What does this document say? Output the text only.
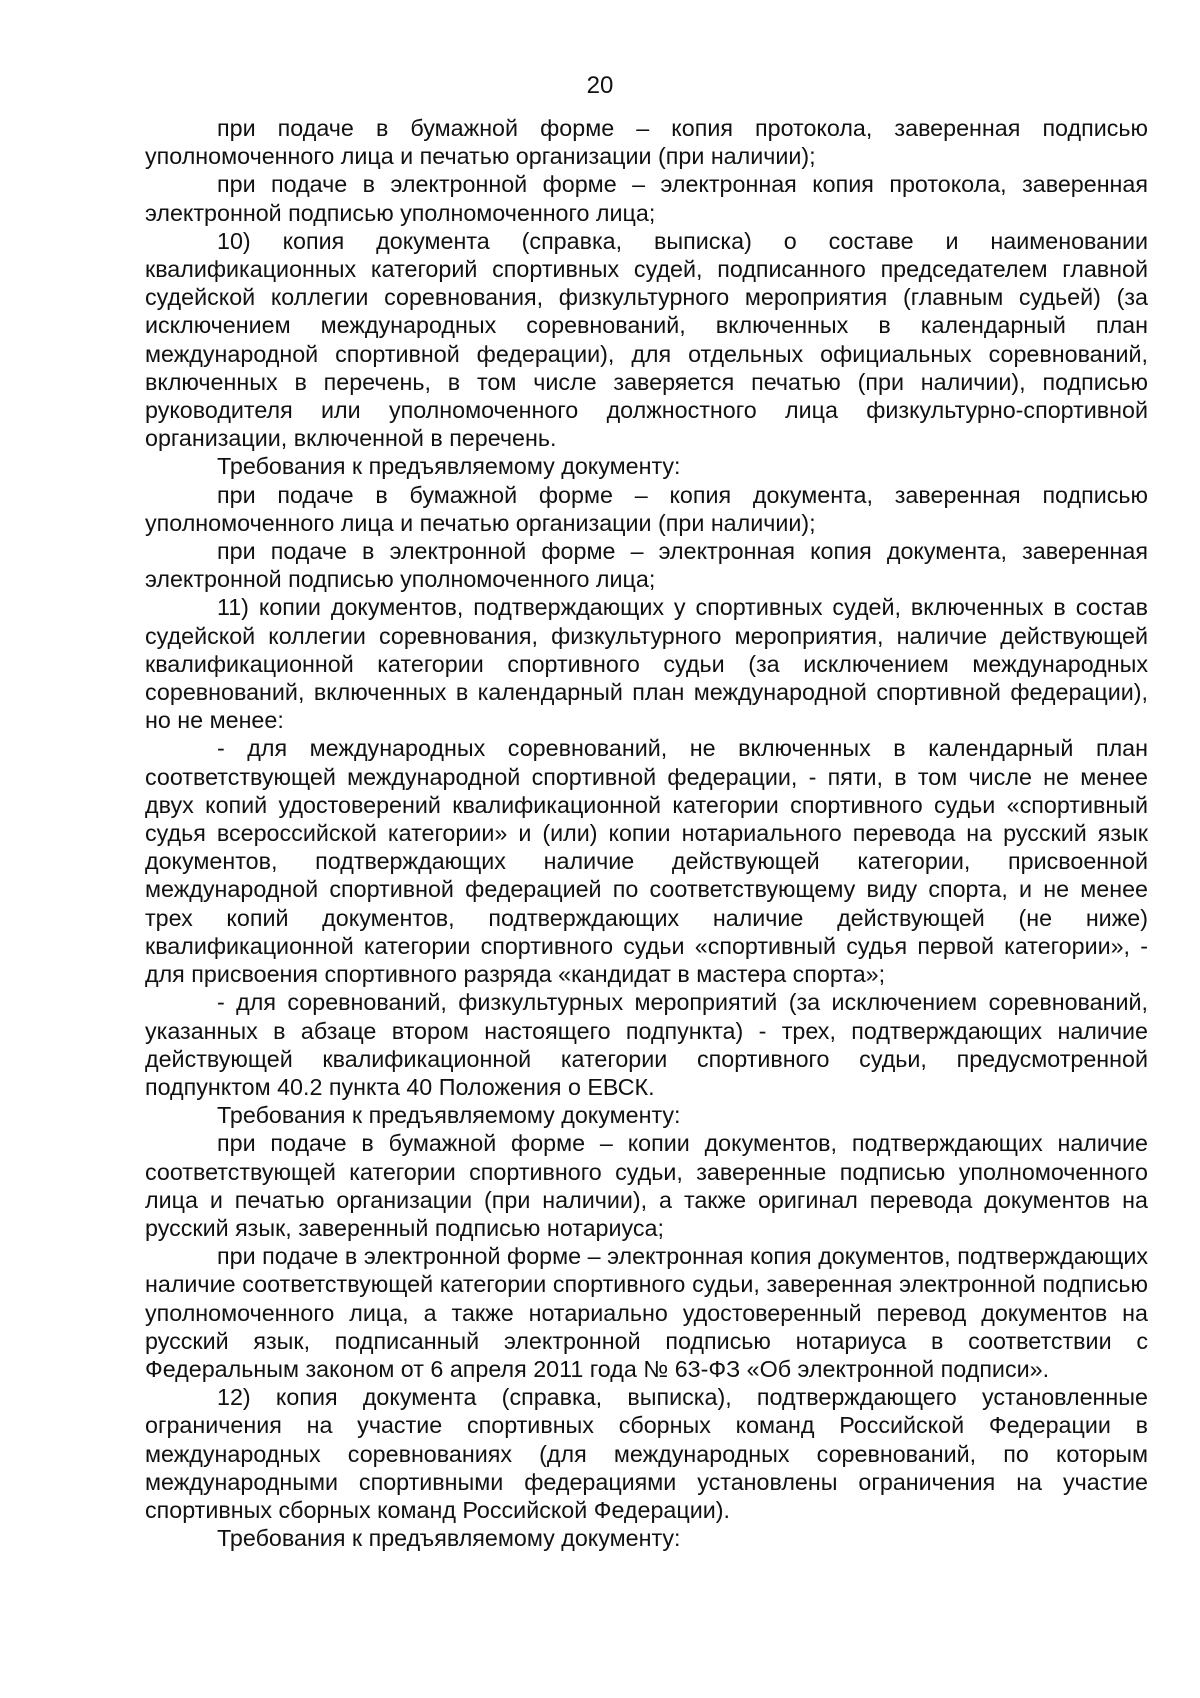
20

при подаче в бумажной форме – копия протокола, заверенная подписью уполномоченного лица и печатью организации (при наличии);

при подаче в электронной форме – электронная копия протокола, заверенная электронной подписью уполномоченного лица;

10) копия документа (справка, выписка) о составе и наименовании квалификационных категорий спортивных судей, подписанного председателем главной судейской коллегии соревнования, физкультурного мероприятия (главным судьей) (за исключением международных соревнований, включенных в календарный план международной спортивной федерации), для отдельных официальных соревнований, включенных в перечень, в том числе заверяется печатью (при наличии), подписью руководителя или уполномоченного должностного лица физкультурно-спортивной организации, включенной в перечень.

Требования к предъявляемому документу:

при подаче в бумажной форме – копия документа, заверенная подписью уполномоченного лица и печатью организации (при наличии);

при подаче в электронной форме – электронная копия документа, заверенная электронной подписью уполномоченного лица;

11) копии документов, подтверждающих у спортивных судей, включенных в состав судейской коллегии соревнования, физкультурного мероприятия, наличие действующей квалификационной категории спортивного судьи (за исключением международных соревнований, включенных в календарный план международной спортивной федерации), но не менее:

- для международных соревнований, не включенных в календарный план соответствующей международной спортивной федерации, - пяти, в том числе не менее двух копий удостоверений квалификационной категории спортивного судьи «спортивный судья всероссийской категории» и (или) копии нотариального перевода на русский язык документов, подтверждающих наличие действующей категории, присвоенной международной спортивной федерацией по соответствующему виду спорта, и не менее трех копий документов, подтверждающих наличие действующей (не ниже) квалификационной категории спортивного судьи «спортивный судья первой категории», - для присвоения спортивного разряда «кандидат в мастера спорта»;

- для соревнований, физкультурных мероприятий (за исключением соревнований, указанных в абзаце втором настоящего подпункта) - трех, подтверждающих наличие действующей квалификационной категории спортивного судьи, предусмотренной подпунктом 40.2 пункта 40 Положения о ЕВСК.

Требования к предъявляемому документу:

при подаче в бумажной форме – копии документов, подтверждающих наличие соответствующей категории спортивного судьи, заверенные подписью уполномоченного лица и печатью организации (при наличии), а также оригинал перевода документов на русский язык, заверенный подписью нотариуса;

при подаче в электронной форме – электронная копия документов, подтверждающих наличие соответствующей категории спортивного судьи, заверенная электронной подписью уполномоченного лица, а также нотариально удостоверенный перевод документов на русский язык, подписанный электронной подписью нотариуса в соответствии с Федеральным законом от 6 апреля 2011 года № 63-ФЗ «Об электронной подписи».

12) копия документа (справка, выписка), подтверждающего установленные ограничения на участие спортивных сборных команд Российской Федерации в международных соревнованиях (для международных соревнований, по которым международными спортивными федерациями установлены ограничения на участие спортивных сборных команд Российской Федерации).

Требования к предъявляемому документу:
